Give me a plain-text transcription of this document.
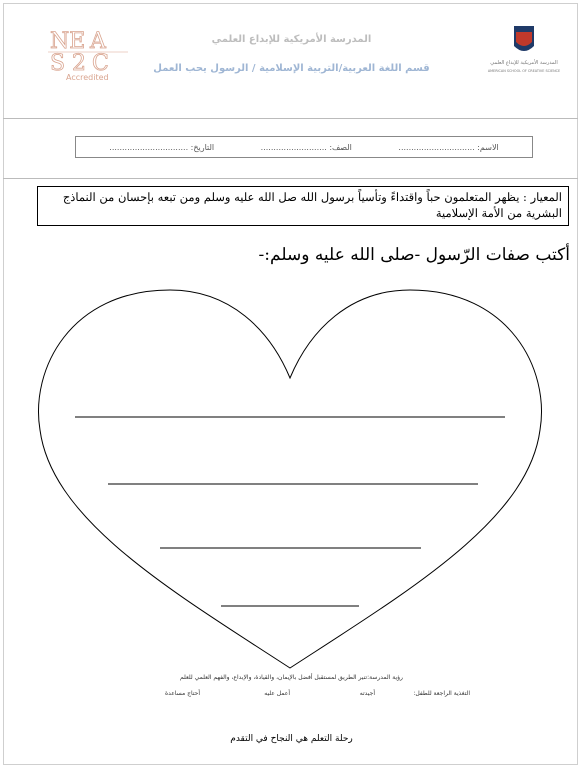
NE A
S 2 C
Accredited
المدرسة الأمريكية للإبداع العلمي
قسم اللغة العربية/التربية الإسلامية / الرسول يحب العمل	المدرسة الأمريكية للإبداع العلمي
AMERICAN SCHOOL OF CREATIVE SCIENCE
الاسم: ..............................
الصف: ..........................
التاريخ: ...............................
المعيار : يظهر المتعلمون حباً واقتداءً وتأسياً برسول الله صل الله عليه وسلم ومن تبعه بإحسان من النماذج البشرية من الأمة الإسلامية
أكتب صفات الرّسول -صلى الله عليه وسلم:-
رؤية المدرسة:تنير الطريق لمستقبل أفضل بالإيمان، والقيادة، والإبداع، والفهم العلمي للعلم
التغذية الراجعة للطفل:
أجيدته
أعمل عليه
أحتاج مساعدة
رحلة التعلم هي النجاح في التقدم
